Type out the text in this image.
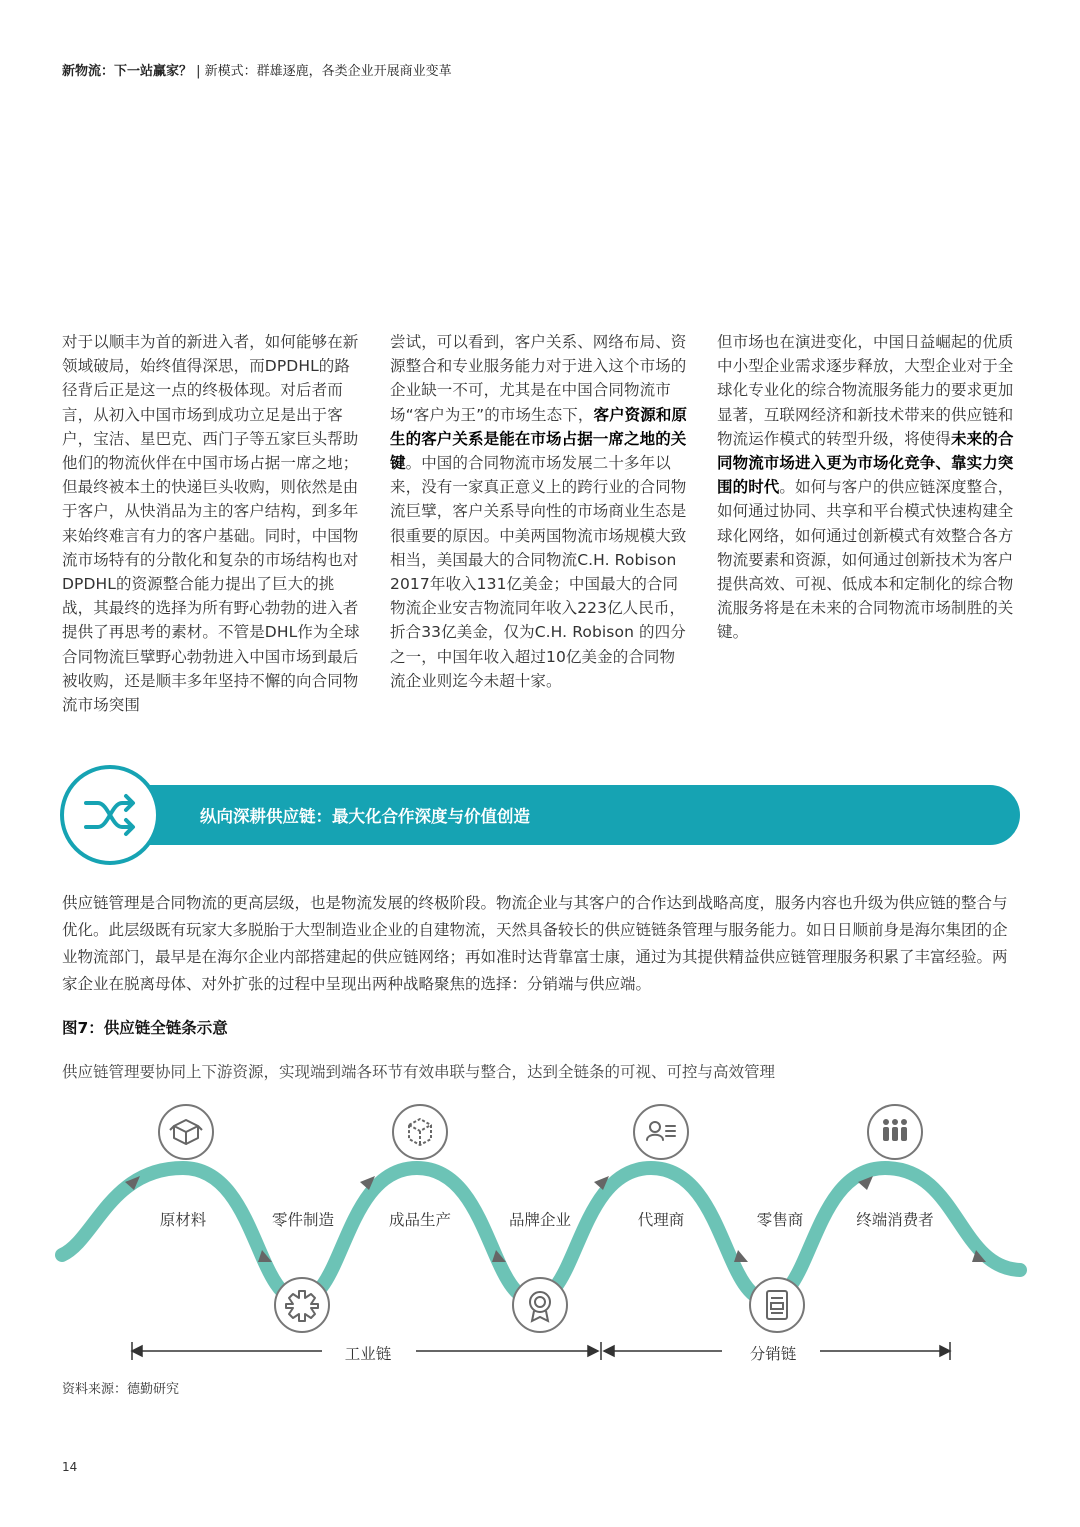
新物流：下一站赢家？ | 新模式：群雄逐鹿，各类企业开展商业变革
对于以顺丰为首的新进入者，如何能够在新领域破局，始终值得深思，而DPDHL的路径背后正是这一点的终极体现。对后者而言，从初入中国市场到成功立足是出于客户，宝洁、星巴克、西门子等五家巨头帮助他们的物流伙伴在中国市场占据一席之地；但最终被本土的快递巨头收购，则依然是由于客户，从快消品为主的客户结构，到多年来始终难言有力的客户基础。同时，中国物流市场特有的分散化和复杂的市场结构也对DPDHL的资源整合能力提出了巨大的挑战，其最终的选择为所有野心勃勃的进入者提供了再思考的素材。不管是DHL作为全球合同物流巨擘野心勃勃进入中国市场到最后被收购，还是顺丰多年坚持不懈的向合同物流市场突围
尝试，可以看到，客户关系、网络布局、资源整合和专业服务能力对于进入这个市场的企业缺一不可，尤其是在中国合同物流市场“客户为王”的市场生态下，客户资源和原生的客户关系是能在市场占据一席之地的关键。中国的合同物流市场发展二十多年以来，没有一家真正意义上的跨行业的合同物流巨擘，客户关系导向性的市场商业生态是很重要的原因。中美两国物流市场规模大致相当，美国最大的合同物流C.H. Robison 2017年收入131亿美金；中国最大的合同物流企业安吉物流同年收入223亿人民币，折合33亿美金，仅为C.H. Robison 的四分之一，中国年收入超过10亿美金的合同物流企业则迄今未超十家。
但市场也在演进变化，中国日益崛起的优质中小型企业需求逐步释放，大型企业对于全球化专业化的综合物流服务能力的要求更加显著，互联网经济和新技术带来的供应链和物流运作模式的转型升级，将使得未来的合同物流市场进入更为市场化竞争、靠实力突围的时代。如何与客户的供应链深度整合，如何通过协同、共享和平台模式快速构建全球化网络，如何通过创新模式有效整合各方物流要素和资源，如何通过创新技术为客户提供高效、可视、低成本和定制化的综合物流服务将是在未来的合同物流市场制胜的关键。
纵向深耕供应链：最大化合作深度与价值创造
供应链管理是合同物流的更高层级，也是物流发展的终极阶段。物流企业与其客户的合作达到战略高度，服务内容也升级为供应链的整合与优化。此层级既有玩家大多脱胎于大型制造业企业的自建物流，天然具备较长的供应链链条管理与服务能力。如日日顺前身是海尔集团的企业物流部门，最早是在海尔企业内部搭建起的供应链网络；再如准时达背靠富士康，通过为其提供精益供应链管理服务积累了丰富经验。两家企业在脱离母体、对外扩张的过程中呈现出两种战略聚焦的选择：分销端与供应端。
图7：供应链全链条示意
供应链管理要协同上下游资源，实现端到端各环节有效串联与整合，达到全链条的可视、可控与高效管理
原材料	零件制造	成品生产	品牌企业	代理商	零售商	终端消费者
工业链	分销链
资料来源：德勤研究
14
